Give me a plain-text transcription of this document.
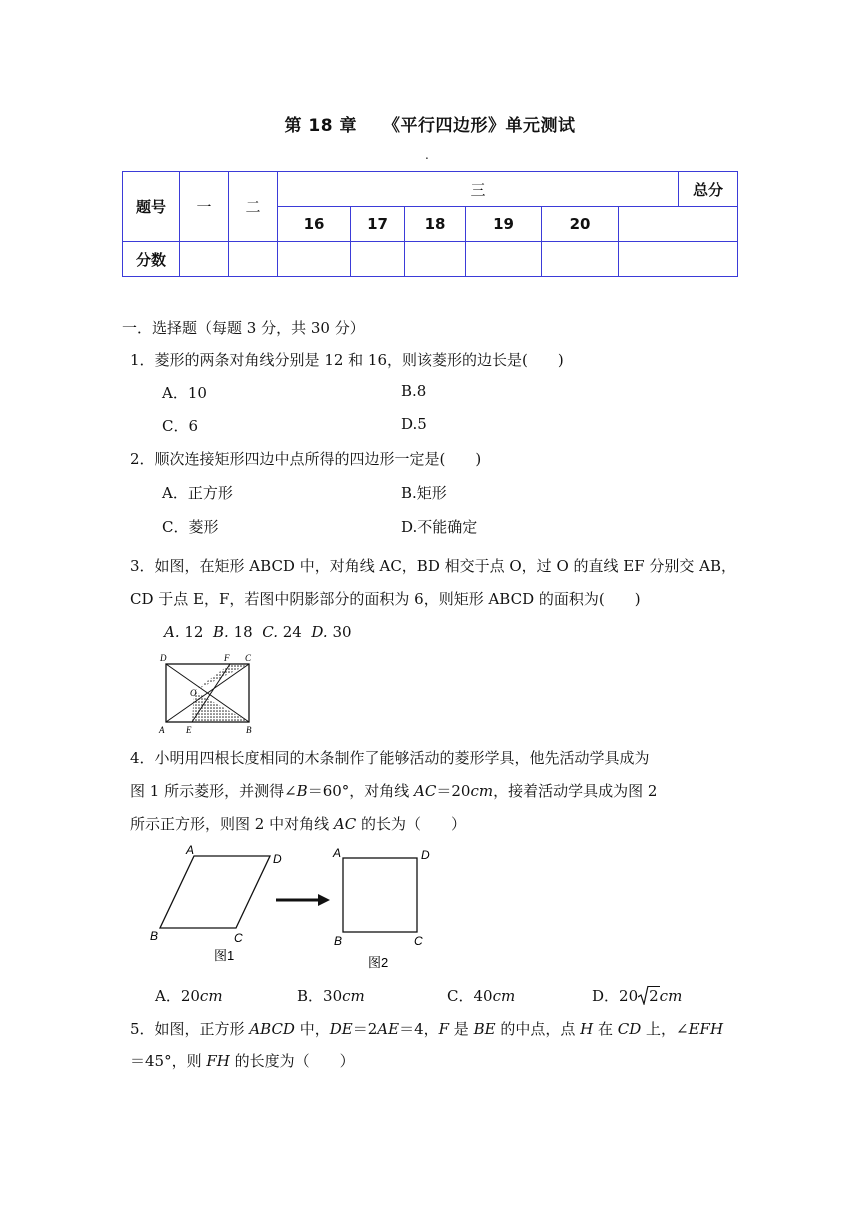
第 18 章 《平行四边形》单元测试
.
题号	一	二	三						总分
			16	17	18	19	20		
分数									
一．选择题（每题 3 分，共 30 分）
1．菱形的两条对角线分别是 12 和 16，则该菱形的边长是(　　)
A．10	B.8
C．6	D.5
2．顺次连接矩形四边中点所得的四边形一定是(　　)
A．正方形	B.矩形
C．菱形	D.不能确定
3．如图，在矩形 ABCD 中，对角线 AC，BD 相交于点 O，过 O 的直线 EF 分别交 AB，
CD 于点 E，F，若图中阴影部分的面积为 6，则矩形 ABCD 的面积为(　　)
A. 12 B. 18 C. 24 D. 30
D	F C
O
A E	B
4．小明用四根长度相同的木条制作了能够活动的菱形学具，他先活动学具成为
图 1 所示菱形，并测得∠B＝60°，对角线 AC＝20cm，接着活动学具成为图 2
所示正方形，则图 2 中对角线 AC 的长为（　　）
A
D
B	C
图1
A	D
B	C
图2
A．20cm	B．30cm	C．40cm	D．20 2cm
5．如图，正方形 ABCD 中，DE＝2AE＝4，F 是 BE 的中点，点 H 在 CD 上，∠EFH
＝45°，则 FH 的长度为（　　）
